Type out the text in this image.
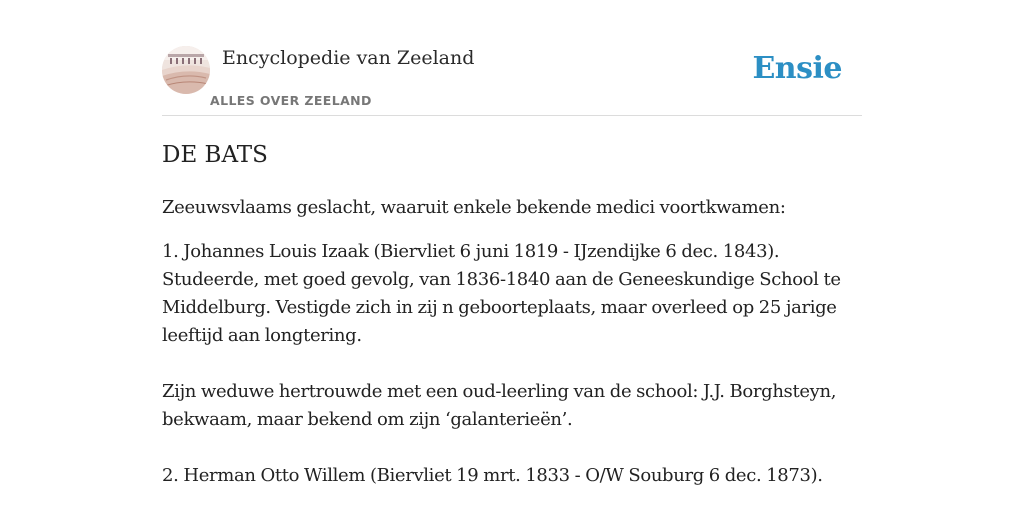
Encyclopedie van Zeeland
ALLES OVER ZEELAND
Ensie
DE BATS

Zeeuwsvlaams geslacht, waaruit enkele bekende medici voortkwamen:

1. Johannes Louis Izaak (Biervliet 6 juni 1819 - IJzendijke 6 dec. 1843). Studeerde, met goed gevolg, van 1836-1840 aan de Geneeskundige School te Middelburg. Vestigde zich in zij n geboorteplaats, maar overleed op 25 jarige leeftijd aan longtering.

Zijn weduwe hertrouwde met een oud-leerling van de school: J.J. Borghsteyn, bekwaam, maar bekend om zijn ‘galanterieën’.

2. Herman Otto Willem (Biervliet 19 mrt. 1833 - O/W Souburg 6 dec. 1873).
